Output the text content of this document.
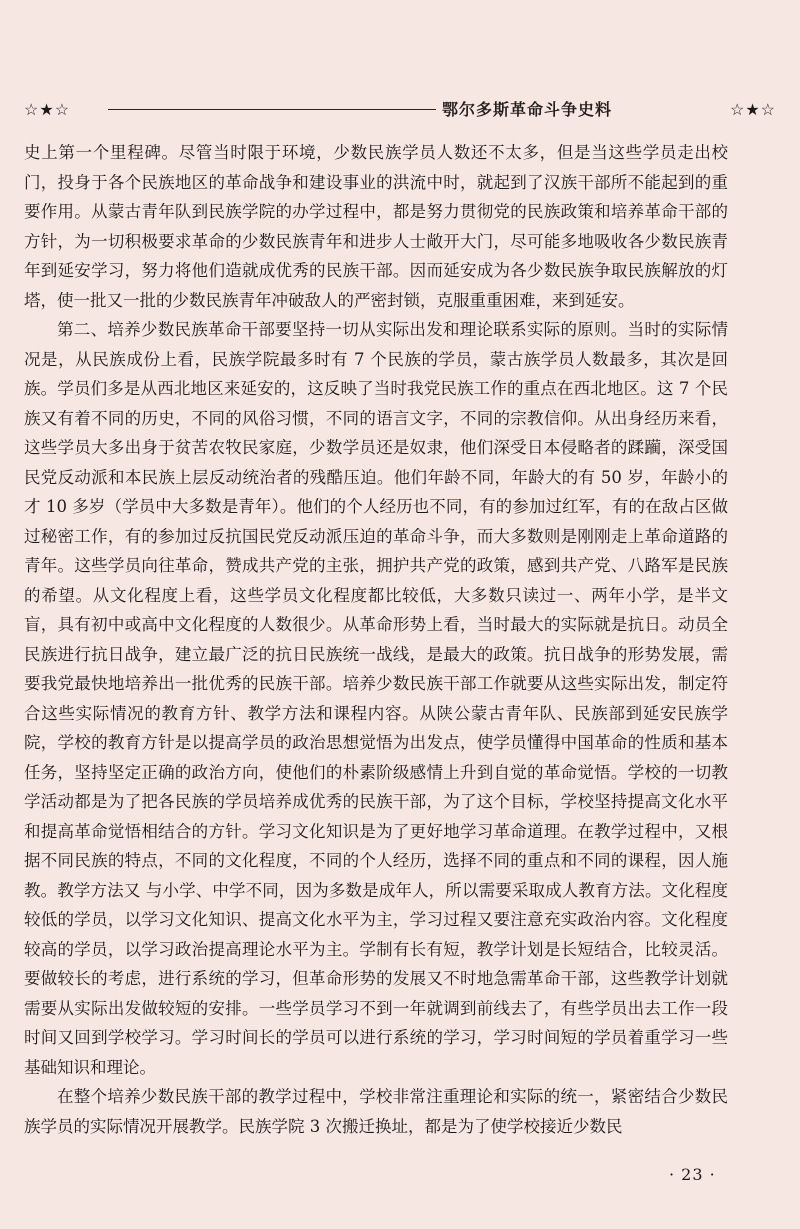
☆★☆	鄂尔多斯革命斗争史料	☆★☆

史上第一个里程碑。尽管当时限于环境，少数民族学员人数还不太多，但是当这些学员走出校门，投身于各个民族地区的革命战争和建设事业的洪流中时，就起到了汉族干部所不能起到的重要作用。从蒙古青年队到民族学院的办学过程中，都是努力贯彻党的民族政策和培养革命干部的方针，为一切积极要求革命的少数民族青年和进步人士敞开大门，尽可能多地吸收各少数民族青年到延安学习，努力将他们造就成优秀的民族干部。因而延安成为各少数民族争取民族解放的灯塔，使一批又一批的少数民族青年冲破敌人的严密封锁，克服重重困难，来到延安。

第二、培养少数民族革命干部要坚持一切从实际出发和理论联系实际的原则。当时的实际情况是，从民族成份上看，民族学院最多时有 7 个民族的学员，蒙古族学员人数最多，其次是回族。学员们多是从西北地区来延安的，这反映了当时我党民族工作的重点在西北地区。这 7 个民族又有着不同的历史，不同的风俗习惯，不同的语言文字，不同的宗教信仰。从出身经历来看，这些学员大多出身于贫苦农牧民家庭，少数学员还是奴隶，他们深受日本侵略者的蹂躏，深受国民党反动派和本民族上层反动统治者的残酷压迫。他们年龄不同，年龄大的有 50 岁，年龄小的才 10 多岁（学员中大多数是青年）。他们的个人经历也不同，有的参加过红军，有的在敌占区做过秘密工作，有的参加过反抗国民党反动派压迫的革命斗争，而大多数则是刚刚走上革命道路的青年。这些学员向往革命，赞成共产党的主张，拥护共产党的政策，感到共产党、八路军是民族的希望。从文化程度上看，这些学员文化程度都比较低，大多数只读过一、两年小学，是半文盲，具有初中或高中文化程度的人数很少。从革命形势上看，当时最大的实际就是抗日。动员全民族进行抗日战争，建立最广泛的抗日民族统一战线，是最大的政策。抗日战争的形势发展，需要我党最快地培养出一批优秀的民族干部。培养少数民族干部工作就要从这些实际出发，制定符合这些实际情况的教育方针、教学方法和课程内容。从陕公蒙古青年队、民族部到延安民族学院，学校的教育方针是以提高学员的政治思想觉悟为出发点，使学员懂得中国革命的性质和基本任务，坚持坚定正确的政治方向，使他们的朴素阶级感情上升到自觉的革命觉悟。学校的一切教学活动都是为了把各民族的学员培养成优秀的民族干部，为了这个目标，学校坚持提高文化水平和提高革命觉悟相结合的方针。学习文化知识是为了更好地学习革命道理。在教学过程中，又根据不同民族的特点，不同的文化程度，不同的个人经历，选择不同的重点和不同的课程，因人施教。教学方法又 与小学、中学不同，因为多数是成年人，所以需要采取成人教育方法。文化程度较低的学员，以学习文化知识、提高文化水平为主，学习过程又要注意充实政治内容。文化程度较高的学员，以学习政治提高理论水平为主。学制有长有短，教学计划是长短结合，比较灵活。要做较长的考虑，进行系统的学习，但革命形势的发展又不时地急需革命干部，这些教学计划就需要从实际出发做较短的安排。一些学员学习不到一年就调到前线去了，有些学员出去工作一段时间又回到学校学习。学习时间长的学员可以进行系统的学习，学习时间短的学员着重学习一些基础知识和理论。

在整个培养少数民族干部的教学过程中，学校非常注重理论和实际的统一，紧密结合少数民族学员的实际情况开展教学。民族学院 3 次搬迁换址，都是为了使学校接近少数民

· 23 ·
